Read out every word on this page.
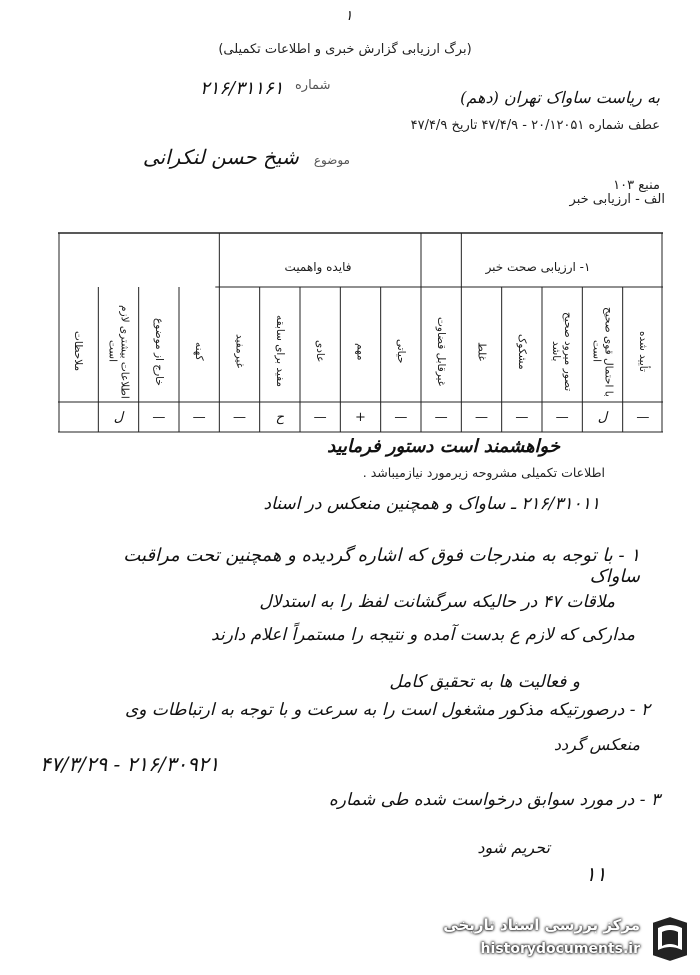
۱
(برگ ارزیابی گزارش خبری و اطلاعات تکمیلی)
شماره
۲۱۶/۳۱۱۶۱	به ریاست ساواک تهران (دهم)
عطف شماره ۲۰/۱۲۰۵۱ - ۴۷/۴/۹ تاریخ ۴۷/۴/۹
موضوع شیخ حسن لنکرانی
منبع ۱۰۳
الف - ارزیابی خبر
۱- ارزیابی صحت خبر
فایده واهمیت
تأیید شده
با احتمال قوی صحیح است
تصور میرود صحیح باشد
مشکوک
غلط
غیرقابل قضاوت
حیاتی
مهم
عادی
مفید برای سابقه
غیرمفید
کهنه
خارج از موضوع
اطلاعات بیشتری لازم است
ملاحظات
—
ل
—
—
—
—
—
+
—
ح
—
—
—
ل
خواهشمند است دستور فرمایید
اطلاعات تکمیلی مشروحه زیرمورد نیازمیباشد .
۲۱۶/۳۱۰۱۱ ـ ساواک و همچنین منعکس در اسناد
۱ - با توجه به مندرجات فوق که اشاره گردیده و همچنین تحت مراقبت ساواک
ملاقات ۴۷ در حالیکه سرگشانت لفظ را به استدلال
مدارکی که لازم ع بدست آمده و نتیجه را مستمراً اعلام دارند
و فعالیت ها به تحقیق کامل
۲ - درصورتیکه مذکور مشغول است را به سرعت و با توجه به ارتباطات وی
منعکس گردد
۴۷/۳/۲۹ - ۲۱۶/۳۰۹۲۱
۳ - در مورد سوابق درخواست شده طی شماره
تحریم شود
۱۱
مرکز بررسی اسناد تاریخی
historydocuments.ir
